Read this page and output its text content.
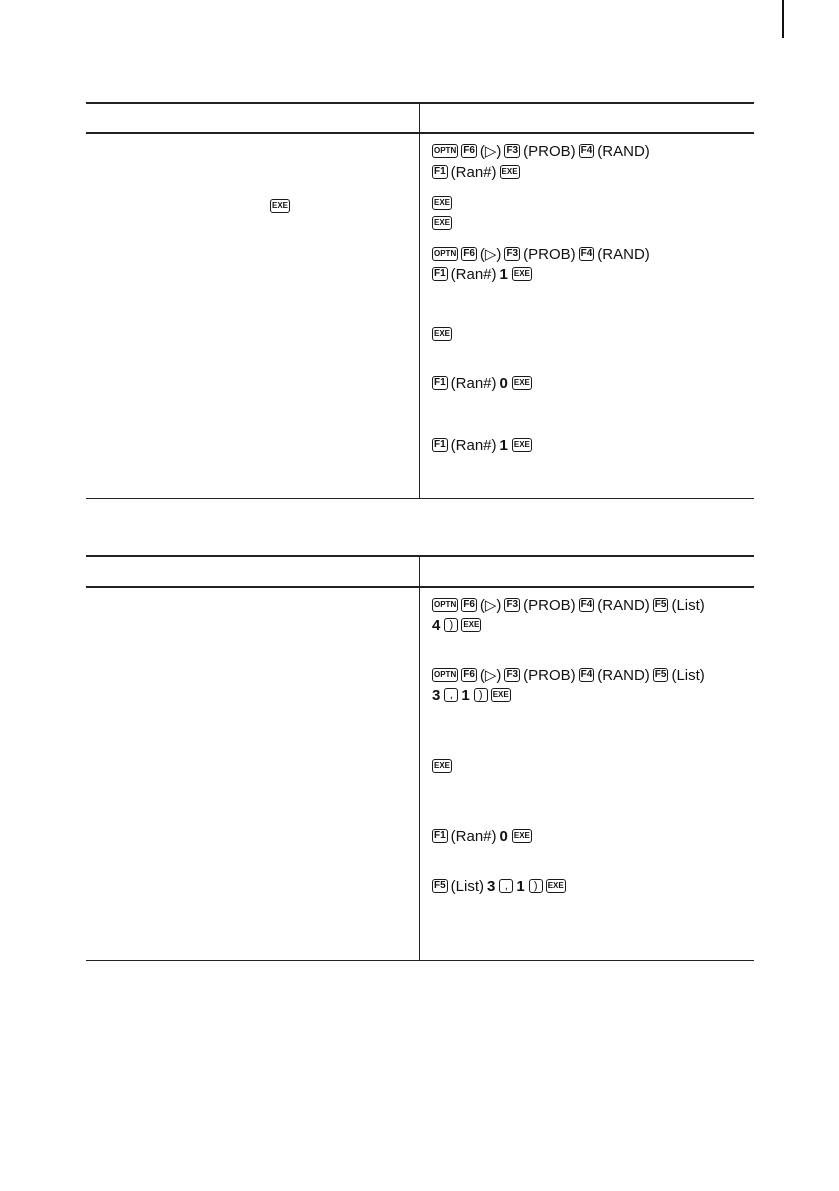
EXE
OPTN F6 (▷) F3 (PROB) F4 (RAND)
F1 (Ran#) EXE
EXE
EXE
OPTN F6 (▷) F3 (PROB) F4 (RAND)
F1 (Ran#) 1 EXE
EXE
F1 (Ran#) 0 EXE
F1 (Ran#) 1 EXE
OPTN F6 (▷) F3 (PROB) F4 (RAND) F5 (List)
4 )	EXE
OPTN F6 (▷) F3 (PROB) F4 (RAND) F5 (List)
3 , 1 )	EXE
EXE
F1 (Ran#) 0 EXE
F5 (List) 3 , 1 )	EXE
